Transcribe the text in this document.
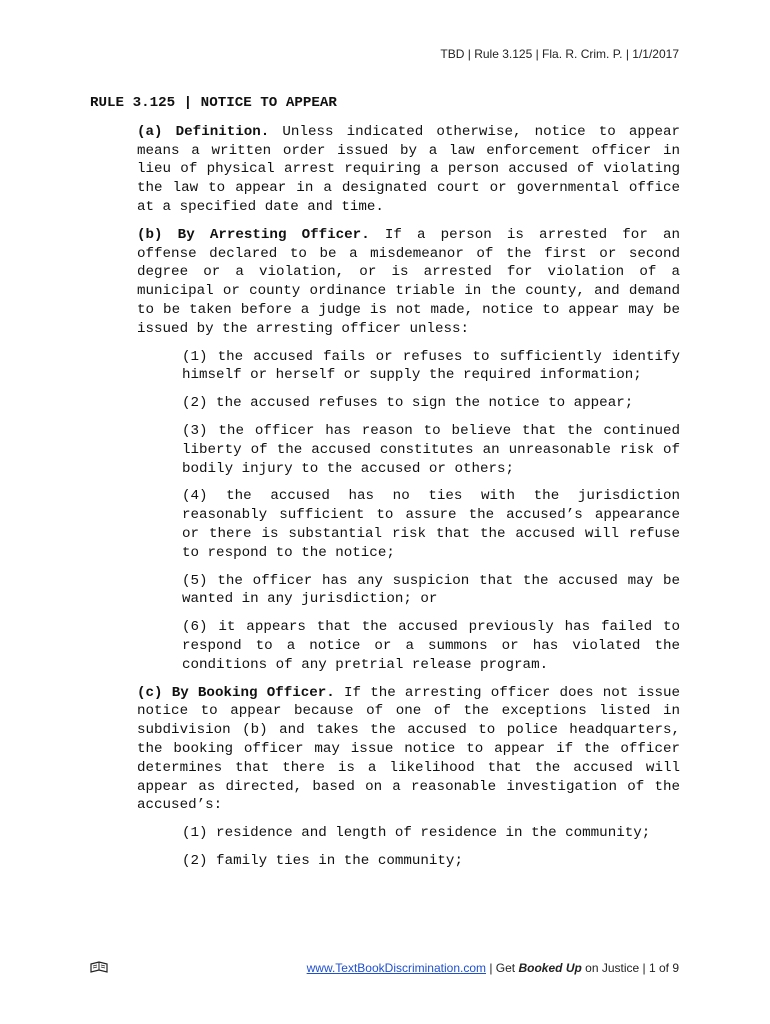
TBD | Rule 3.125 | Fla. R. Crim. P. | 1/1/2017
RULE 3.125 | NOTICE TO APPEAR

(a) Definition. Unless indicated otherwise, notice to appear means a written order issued by a law enforcement officer in lieu of physical arrest requiring a person accused of violating the law to appear in a designated court or governmental office at a specified date and time.

(b) By Arresting Officer. If a person is arrested for an offense declared to be a misdemeanor of the first or second degree or a violation, or is arrested for violation of a municipal or county ordinance triable in the county, and demand to be taken before a judge is not made, notice to appear may be issued by the arresting officer unless:

(1) the accused fails or refuses to sufficiently identify himself or herself or supply the required information;

(2) the accused refuses to sign the notice to appear;

(3) the officer has reason to believe that the continued liberty of the accused constitutes an unreasonable risk of bodily injury to the accused or others;

(4) the accused has no ties with the jurisdiction reasonably sufficient to assure the accused’s appearance or there is substantial risk that the accused will refuse to respond to the notice;

(5) the officer has any suspicion that the accused may be wanted in any jurisdiction; or

(6) it appears that the accused previously has failed to respond to a notice or a summons or has violated the conditions of any pretrial release program.

(c) By Booking Officer. If the arresting officer does not issue notice to appear because of one of the exceptions listed in subdivision (b) and takes the accused to police headquarters, the booking officer may issue notice to appear if the officer determines that there is a likelihood that the accused will appear as directed, based on a reasonable investigation of the accused’s:

(1) residence and length of residence in the community;

(2) family ties in the community;

www.TextBookDiscrimination.com | Get Booked Up on Justice | 1 of 9
